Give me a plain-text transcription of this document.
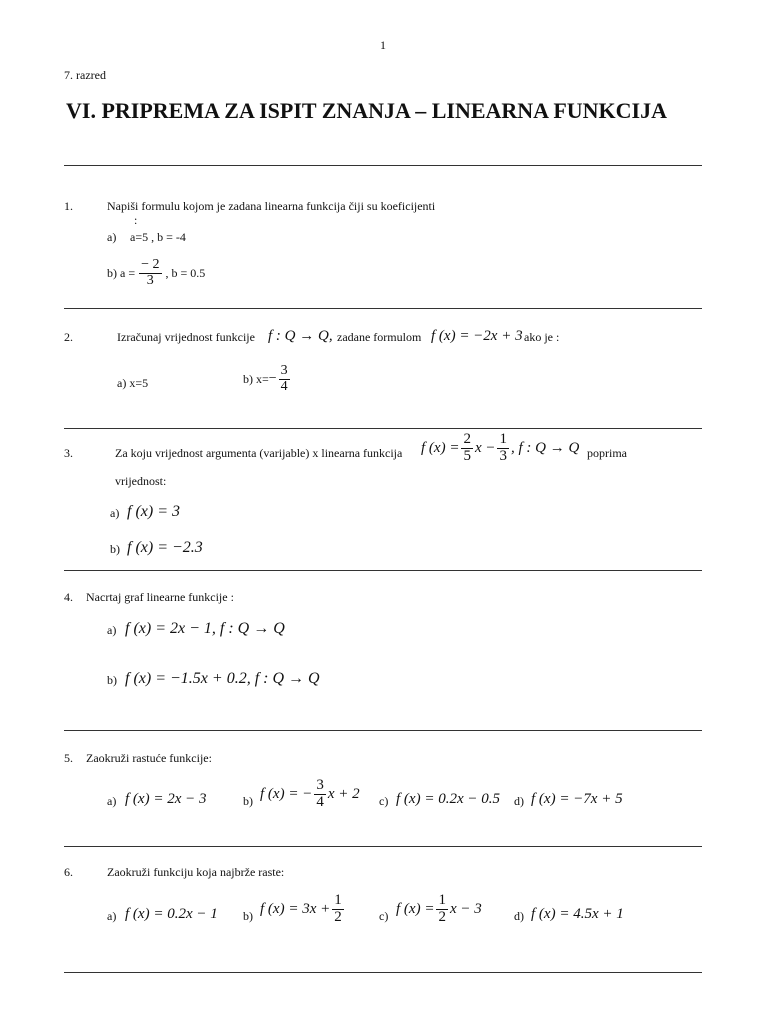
1
7. razred
VI. PRIPREMA ZA ISPIT ZNANJA – LINEARNA FUNKCIJA
1.	Napiši formulu kojom je zadana linearna funkcija čiji su koeficijenti
:
a) a=5 , b = -4
b) $a = \frac{- 2}{3}$ , b = 0.5
2.	Izračunaj vrijednost funkcije f : Q → Q, zadane formulom f (x) = −2x + 3 ako je :
a) x=5	b) $x= - \frac{3}{4}$
3.	Za koju vrijednost argumenta (varijable) x linearna funkcija f $(x) = \frac{2}{5}$ $x - \frac{1}{3}$ , f : Q → Q poprima
vrijednost:
a) f (x) = 3
b) f (x) = −2.3
4. Nacrtaj graf linearne funkcije :
a) f (x) = 2x − 1, f : Q → Q
b) f (x) = −1.5x + 0.2, f : Q → Q
5. Zaokruži rastuće funkcije:
a) f (x) = 2x − 3	b) f (x) = − $\frac{3}{4}$ x + 2 c) f (x) = 0.2x − 0.5 d) f (x) = −7x + 5
6.	Zaokruži funkciju koja najbrže raste:
a) f (x) = 0.2x − 1 b) f $(x) = 3x + \frac{1}{2}$	c) f $(x) = \frac{1}{2}$ x − 3	d) f (x) = 4.5x + 1
